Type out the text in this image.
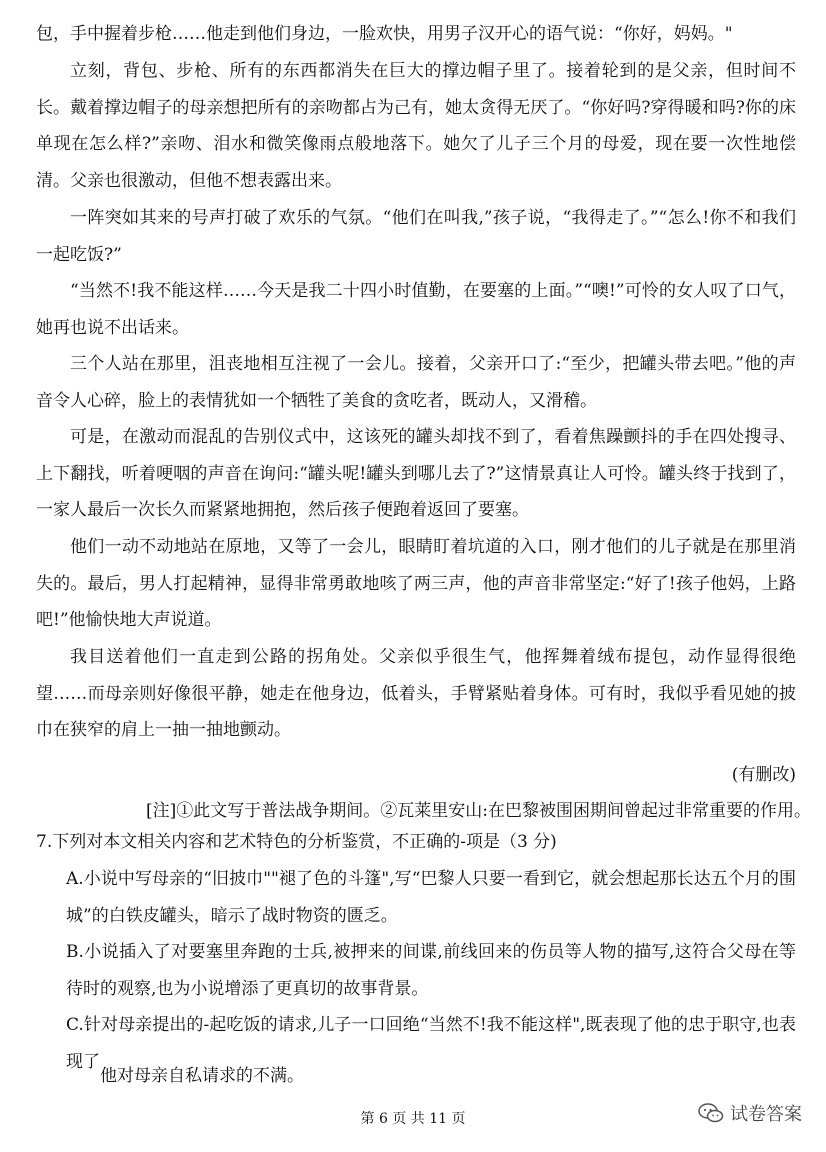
包，手中握着步枪……他走到他们身边，一脸欢快，用男子汉开心的语气说：“你好，妈妈。"

立刻，背包、步枪、所有的东西都消失在巨大的撑边帽子里了。接着轮到的是父亲，但时间不长。戴着撑边帽子的母亲想把所有的亲吻都占为己有，她太贪得无厌了。“你好吗?穿得暖和吗?你的床单现在怎么样?”亲吻、泪水和微笑像雨点般地落下。她欠了儿子三个月的母爱，现在要一次性地偿清。父亲也很激动，但他不想表露出来。

一阵突如其来的号声打破了欢乐的气氛。“他们在叫我,”孩子说，“我得走了。”“怎么!你不和我们一起吃饭?”

“当然不!我不能这样……今天是我二十四小时值勤，在要塞的上面。”“噢!”可怜的女人叹了口气，她再也说不出话来。

三个人站在那里，沮丧地相互注视了一会儿。接着，父亲开口了:“至少，把罐头带去吧。”他的声音令人心碎，脸上的表情犹如一个牺牲了美食的贪吃者，既动人，又滑稽。

可是，在激动而混乱的告别仪式中，这该死的罐头却找不到了，看着焦躁颤抖的手在四处搜寻、上下翻找，听着哽咽的声音在询问:“罐头呢!罐头到哪儿去了?”这情景真让人可怜。罐头终于找到了，一家人最后一次长久而紧紧地拥抱，然后孩子便跑着返回了要塞。

他们一动不动地站在原地，又等了一会儿，眼睛盯着坑道的入口，刚才他们的儿子就是在那里消失的。最后，男人打起精神，显得非常勇敢地咳了两三声，他的声音非常坚定:“好了!孩子他妈，上路吧!”他愉快地大声说道。

我目送着他们一直走到公路的拐角处。父亲似乎很生气，他挥舞着绒布提包，动作显得很绝望……而母亲则好像很平静，她走在他身边，低着头，手臂紧贴着身体。可有时，我似乎看见她的披巾在狭窄的肩上一抽一抽地颤动。

(有删改)
[注]①此文写于普法战争期间。②瓦莱里安山:在巴黎被围困期间曾起过非常重要的作用。

7.下列对本文相关内容和艺术特色的分析鉴赏，不正确的-项是（3 分)

A.小说中写母亲的“旧披巾""褪了色的斗篷",写“巴黎人只要一看到它，就会想起那长达五个月的围城”的白铁皮罐头，暗示了战时物资的匮乏。

B.小说插入了对要塞里奔跑的士兵,被押来的间谍,前线回来的伤员等人物的描写,这符合父母在等待时的观察,也为小说增添了更真切的故事背景。

C.针对母亲提出的-起吃饭的请求,儿子一口回绝“当然不!我不能这样",既表现了他的忠于职守,也表现了

他对母亲自私请求的不满。

第 6 页 共 11 页	试卷答案
